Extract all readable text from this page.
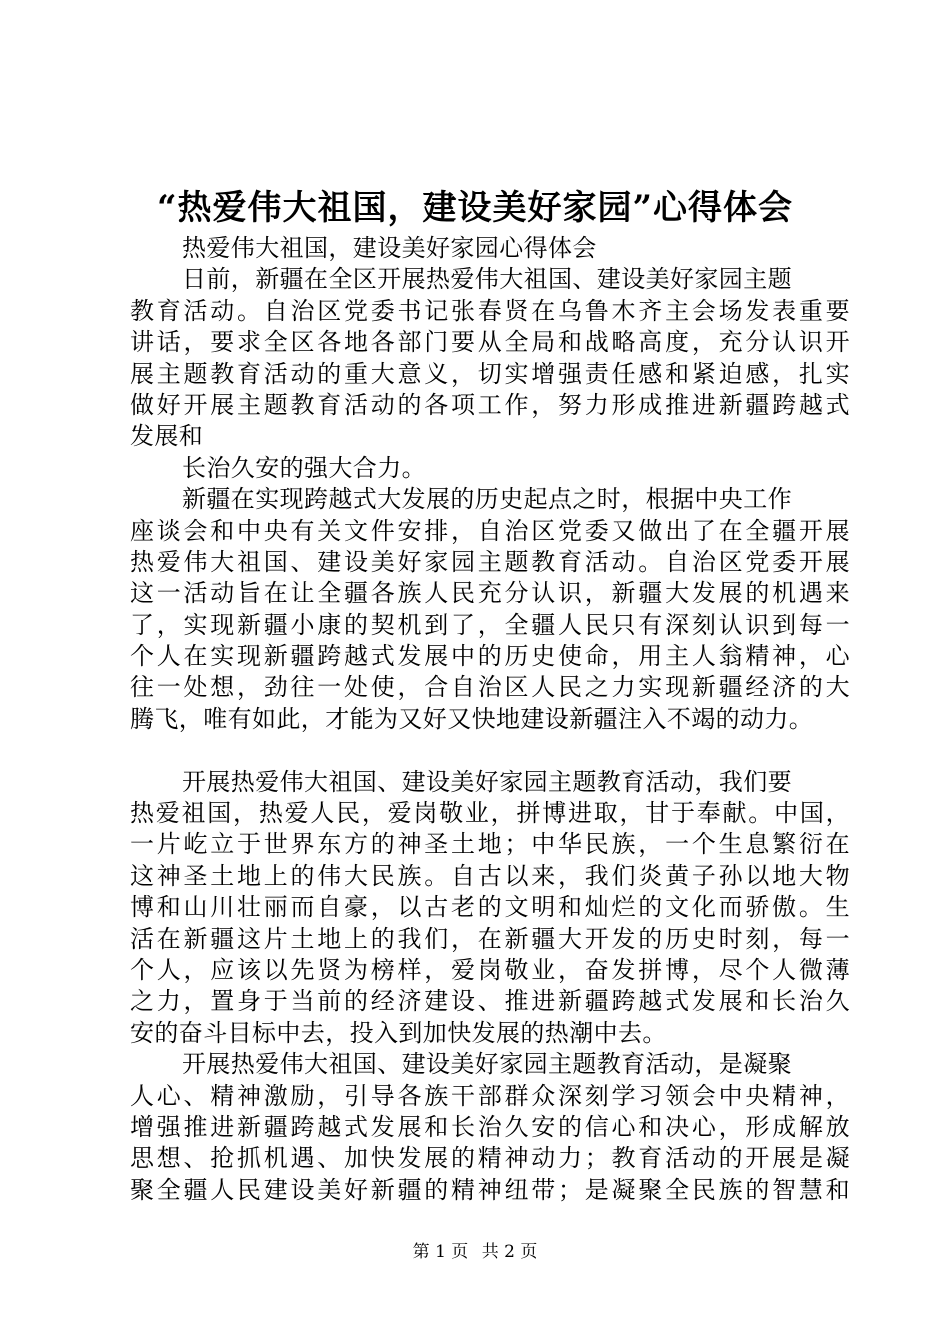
“热爱伟大祖国，建设美好家园”心得体会
热爱伟大祖国，建设美好家园心得体会
日前，新疆在全区开展热爱伟大祖国、建设美好家园主题
教育活动。自治区党委书记张春贤在乌鲁木齐主会场发表重要
讲话，要求全区各地各部门要从全局和战略高度，充分认识开
展主题教育活动的重大意义，切实增强责任感和紧迫感，扎实
做好开展主题教育活动的各项工作，努力形成推进新疆跨越式
发展和
长治久安的强大合力。
新疆在实现跨越式大发展的历史起点之时，根据中央工作
座谈会和中央有关文件安排，自治区党委又做出了在全疆开展
热爱伟大祖国、建设美好家园主题教育活动。自治区党委开展
这一活动旨在让全疆各族人民充分认识，新疆大发展的机遇来
了，实现新疆小康的契机到了，全疆人民只有深刻认识到每一
个人在实现新疆跨越式发展中的历史使命，用主人翁精神，心
往一处想，劲往一处使，合自治区人民之力实现新疆经济的大
腾飞，唯有如此，才能为又好又快地建设新疆注入不竭的动力。
开展热爱伟大祖国、建设美好家园主题教育活动，我们要
热爱祖国，热爱人民，爱岗敬业，拼博进取，甘于奉献。中国，
一片屹立于世界东方的神圣土地；中华民族，一个生息繁衍在
这神圣土地上的伟大民族。自古以来，我们炎黄子孙以地大物
博和山川壮丽而自豪，以古老的文明和灿烂的文化而骄傲。生
活在新疆这片土地上的我们，在新疆大开发的历史时刻，每一
个人，应该以先贤为榜样，爱岗敬业，奋发拼博，尽个人微薄
之力，置身于当前的经济建设、推进新疆跨越式发展和长治久
安的奋斗目标中去，投入到加快发展的热潮中去。
开展热爱伟大祖国、建设美好家园主题教育活动，是凝聚
人心、精神激励，引导各族干部群众深刻学习领会中央精神，
增强推进新疆跨越式发展和长治久安的信心和决心，形成解放
思想、抢抓机遇、加快发展的精神动力；教育活动的开展是凝
聚全疆人民建设美好新疆的精神纽带；是凝聚全民族的智慧和
第 1 页 共 2 页
